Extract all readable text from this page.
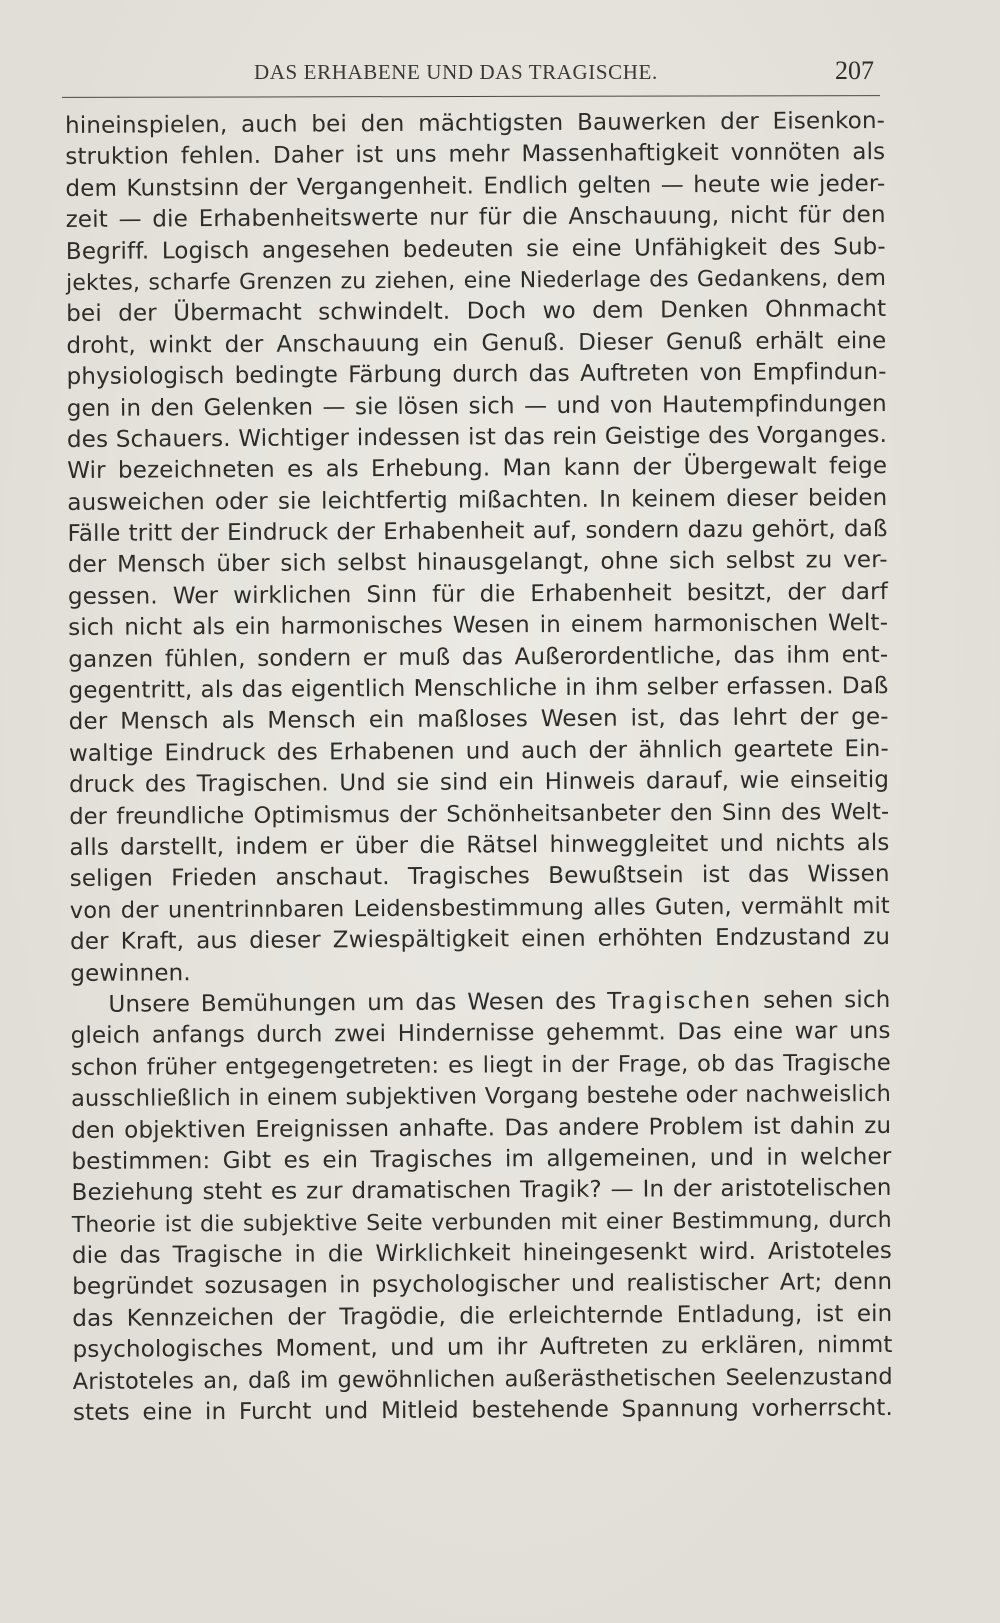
DAS ERHABENE UND DAS TRAGISCHE.	207
hineinspielen, auch bei den mächtigsten Bauwerken der Eisenkon-
struktion fehlen. Daher ist uns mehr Massenhaftigkeit vonnöten als
dem Kunstsinn der Vergangenheit. Endlich gelten — heute wie jeder-
zeit — die Erhabenheitswerte nur für die Anschauung, nicht für den
Begriff. Logisch angesehen bedeuten sie eine Unfähigkeit des Sub-
jektes, scharfe Grenzen zu ziehen, eine Niederlage des Gedankens, dem
bei der Übermacht schwindelt. Doch wo dem Denken Ohnmacht
droht, winkt der Anschauung ein Genuß. Dieser Genuß erhält eine
physiologisch bedingte Färbung durch das Auftreten von Empfindun-
gen in den Gelenken — sie lösen sich — und von Hautempfindungen
des Schauers. Wichtiger indessen ist das rein Geistige des Vorganges.
Wir bezeichneten es als Erhebung. Man kann der Übergewalt feige
ausweichen oder sie leichtfertig mißachten. In keinem dieser beiden
Fälle tritt der Eindruck der Erhabenheit auf, sondern dazu gehört, daß
der Mensch über sich selbst hinausgelangt, ohne sich selbst zu ver-
gessen. Wer wirklichen Sinn für die Erhabenheit besitzt, der darf
sich nicht als ein harmonisches Wesen in einem harmonischen Welt-
ganzen fühlen, sondern er muß das Außerordentliche, das ihm ent-
gegentritt, als das eigentlich Menschliche in ihm selber erfassen. Daß
der Mensch als Mensch ein maßloses Wesen ist, das lehrt der ge-
waltige Eindruck des Erhabenen und auch der ähnlich geartete Ein-
druck des Tragischen. Und sie sind ein Hinweis darauf, wie einseitig
der freundliche Optimismus der Schönheitsanbeter den Sinn des Welt-
alls darstellt, indem er über die Rätsel hinweggleitet und nichts als
seligen Frieden anschaut. Tragisches Bewußtsein ist das Wissen
von der unentrinnbaren Leidensbestimmung alles Guten, vermählt mit
der Kraft, aus dieser Zwiespältigkeit einen erhöhten Endzustand zu
gewinnen.
Unsere Bemühungen um das Wesen des Tragischen sehen sich
gleich anfangs durch zwei Hindernisse gehemmt. Das eine war uns
schon früher entgegengetreten: es liegt in der Frage, ob das Tragische
ausschließlich in einem subjektiven Vorgang bestehe oder nachweislich
den objektiven Ereignissen anhafte. Das andere Problem ist dahin zu
bestimmen: Gibt es ein Tragisches im allgemeinen, und in welcher
Beziehung steht es zur dramatischen Tragik? — In der aristotelischen
Theorie ist die subjektive Seite verbunden mit einer Bestimmung, durch
die das Tragische in die Wirklichkeit hineingesenkt wird. Aristoteles
begründet sozusagen in psychologischer und realistischer Art; denn
das Kennzeichen der Tragödie, die erleichternde Entladung, ist ein
psychologisches Moment, und um ihr Auftreten zu erklären, nimmt
Aristoteles an, daß im gewöhnlichen außerästhetischen Seelenzustand
stets eine in Furcht und Mitleid bestehende Spannung vorherrscht.
